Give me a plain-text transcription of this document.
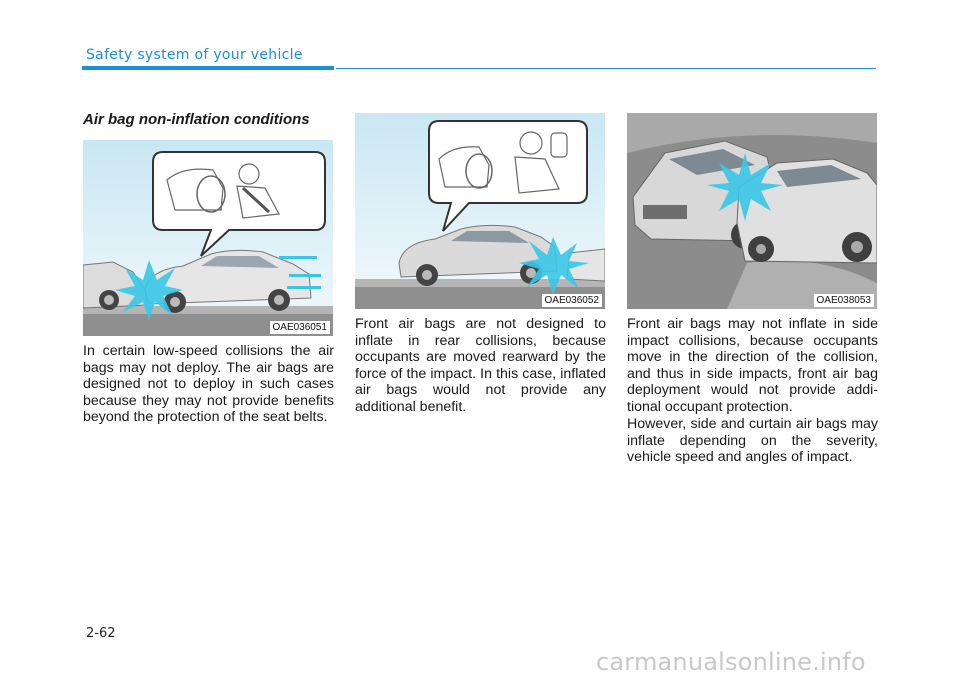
Safety system of your vehicle
Air bag non-inflation conditions
OAE036051

In certain low-speed collisions the air bags may not deploy. The air bags are designed not to deploy in such cases because they may not provide benefits beyond the protection of the seat belts.

OAE036052

Front air bags are not designed to inflate in rear collisions, because occupants are moved rearward by the force of the impact. In this case, inflated air bags would not provide any additional benefit.

OAE038053

Front air bags may not inflate in side impact collisions, because occupants move in the direction of the collision, and thus in side impacts, front air bag deployment would not provide addi- tional occupant protection.

However, side and curtain air bags may inflate depending on the severity, vehicle speed and angles of impact.

2-62
carmanualsonline.info
